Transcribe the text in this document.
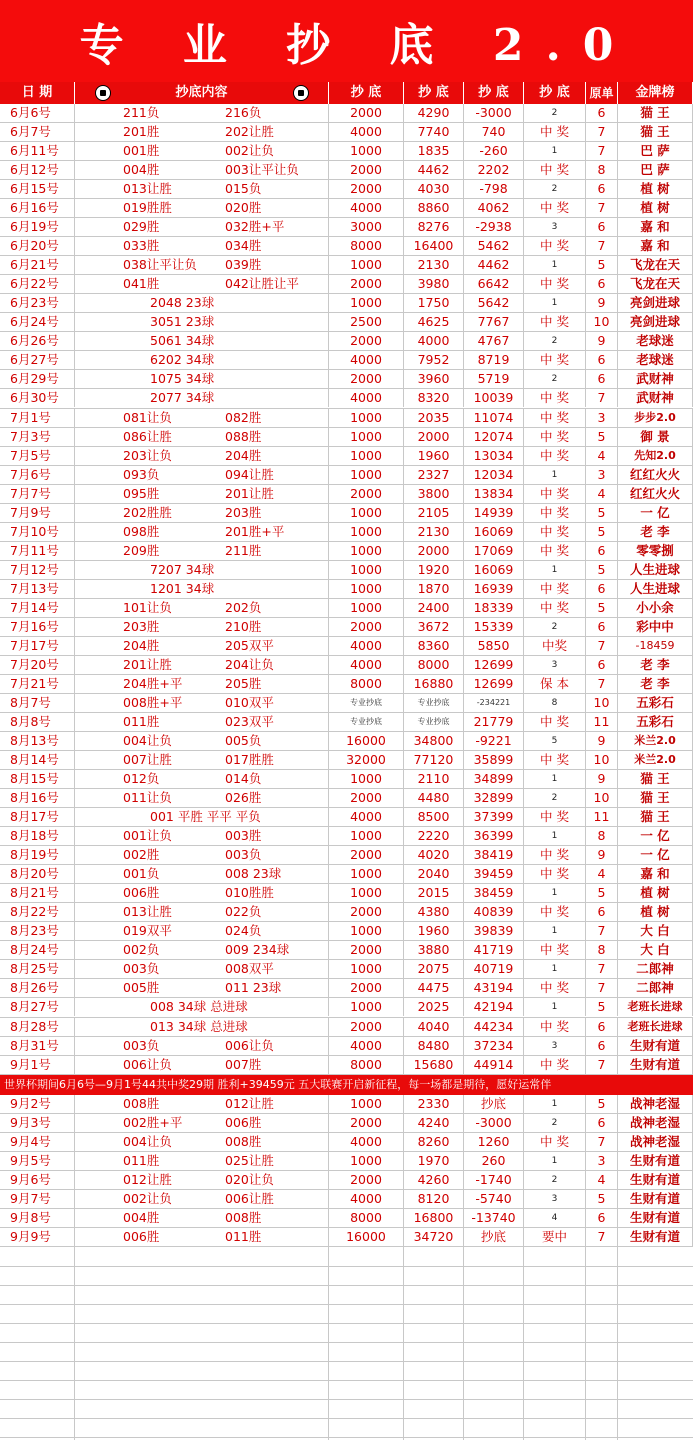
专 业 抄 底 2.0
日 期	抄底内容	抄 底	抄 底	抄 底	抄 底	原单	金牌榜
6月6号	211负	216负	2000	4290	-3000	2	6	猫 王
6月7号	201胜	202让胜	4000	7740	740	中 奖	7	猫 王
6月11号	001胜	002让负	1000	1835	-260	1	7	巴 萨
6月12号	004胜	003让平让负	2000	4462	2202	中 奖	8	巴 萨
6月15号	013让胜	015负	2000	4030	-798	2	6	植 树
6月16号	019胜胜	020胜	4000	8860	4062	中 奖	7	植 树
6月19号	029胜	032胜+平	3000	8276	-2938	3	6	嘉 和
6月20号	033胜	034胜	8000	16400	5462	中 奖	7	嘉 和
6月21号	038让平让负 039胜	1000	2130	4462	1	5	飞龙在天
6月22号	041胜	042让胜让平	2000	3980	6642	中 奖	6	飞龙在天
6月23号	2048 23球	1000	1750	5642	1	9	亮剑进球
6月24号	3051 23球	2500	4625	7767	中 奖	10	亮剑进球
6月26号	5061 34球	2000	4000	4767	2	9	老球迷
6月27号	6202 34球	4000	7952	8719	中 奖	6	老球迷
6月29号	1075 34球	2000	3960	5719	2	6	武财神
6月30号	2077 34球	4000	8320	10039	中 奖	7	武财神
7月1号	081让负	082胜	1000	2035	11074	中 奖	3	步步2.0
7月3号	086让胜	088胜	1000	2000	12074	中 奖	5	御 景
7月5号	203让负	204胜	1000	1960	13034	中 奖	4	先知2.0
7月6号	093负	094让胜	1000	2327	12034	1	3	红红火火
7月7号	095胜	201让胜	2000	3800	13834	中 奖	4	红红火火
7月9号	202胜胜	203胜	1000	2105	14939	中 奖	5	一 亿
7月10号	098胜	201胜+平	1000	2130	16069	中 奖	5	老 李
7月11号	209胜	211胜	1000	2000	17069	中 奖	6	零零捌
7月12号	7207 34球	1000	1920	16069	1	5	人生进球
7月13号	1201 34球	1000	1870	16939	中 奖	6	人生进球
7月14号	101让负	202负	1000	2400	18339	中 奖	5	小小余
7月16号	203胜	210胜	2000	3672	15339	2	6	彩中中
7月17号	204胜	205双平	4000	8360	5850	中奖	7	-18459
7月20号	201让胜	204让负	4000	8000	12699	3	6	老 李
7月21号	204胜+平	205胜	8000	16880	12699	保 本	7	老 李
8月7号	008胜+平	010双平	专业抄底	专业抄底	-234221	8	10	五彩石
8月8号	011胜	023双平	专业抄底	专业抄底	21779	中 奖	11	五彩石
8月13号	004让负	005负	16000	34800	-9221	5	9	米兰2.0
8月14号	007让胜	017胜胜	32000	77120	35899	中 奖	10	米兰2.0
8月15号	012负	014负	1000	2110	34899	1	9	猫 王
8月16号	011让负	026胜	2000	4480	32899	2	10	猫 王
8月17号	001 平胜 平平 平负	4000	8500	37399	中 奖	11	猫 王
8月18号	001让负	003胜	1000	2220	36399	1	8	一 亿
8月19号	002胜	003负	2000	4020	38419	中 奖	9	一 亿
8月20号	001负	008 23球	1000	2040	39459	中 奖	4	嘉 和
8月21号	006胜	010胜胜	1000	2015	38459	1	5	植 树
8月22号	013让胜	022负	2000	4380	40839	中 奖	6	植 树
8月23号	019双平	024负	1000	1960	39839	1	7	大 白
8月24号	002负	009 234球	2000	3880	41719	中 奖	8	大 白
8月25号	003负	008双平	1000	2075	40719	1	7	二郎神
8月26号	005胜	011 23球	2000	4475	43194	中 奖	7	二郎神
8月27号	008 34球 总进球	1000	2025	42194	1	5	老班长进球
8月28号	013 34球 总进球	2000	4040	44234	中 奖	6	老班长进球
8月31号	003负	006让负	4000	8480	37234	3	6	生财有道
9月1号	006让负	007胜	8000	15680	44914	中 奖	7	生财有道
世界杯期间6月6号—9月1号44共中奖29期 胜利+39459元 五大联赛开启新征程，每一场都是期待，愿好运常伴
9月2号	008胜	012让胜	1000	2330	抄底	1	5	战神老湿
9月3号	002胜+平	006胜	2000	4240	-3000	2	6	战神老湿
9月4号	004让负	008胜	4000	8260	1260	中 奖	7	战神老湿
9月5号	011胜	025让胜	1000	1970	260	1	3	生财有道
9月6号	012让胜	020让负	2000	4260	-1740	2	4	生财有道
9月7号	002让负	006让胜	4000	8120	-5740	3	5	生财有道
9月8号	004胜	008胜	8000	16800	-13740	4	6	生财有道
9月9号	006胜	011胜	16000	34720	抄底	要中	7	生财有道
